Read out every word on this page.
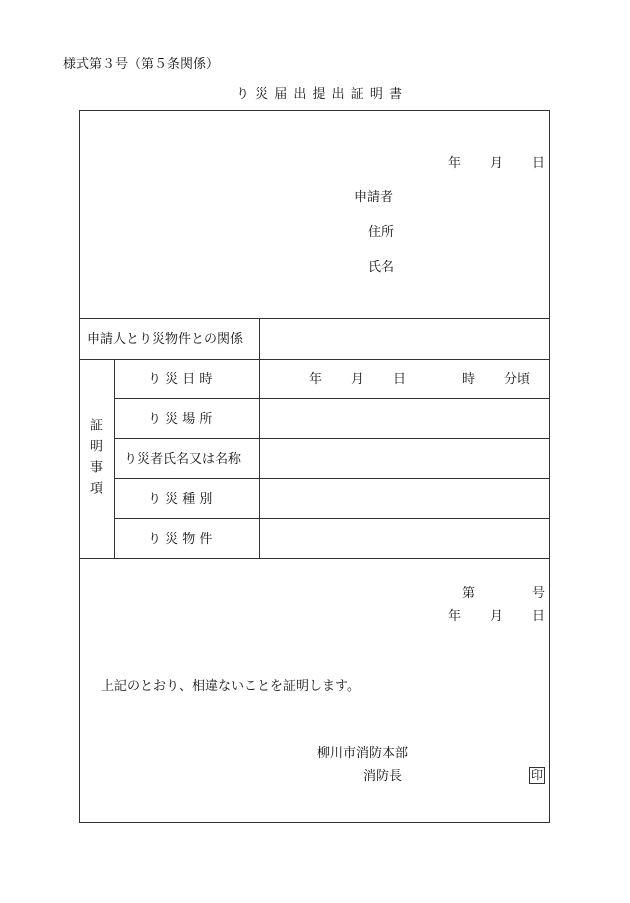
様式第３号（第５条関係）
り 災 届 出 提 出 証 明 書
年 月 日
申請者
住所
氏名
申請人とり災物件との関係
証明事項
り 災 日 時	年 月 日	時 分頃
り 災 場 所
り災者氏名又は名称
り 災 種 別
り 災 物 件
第	号
年 月 日
上記のとおり、相違ないことを証明します。
柳川市消防本部
消防長	印
